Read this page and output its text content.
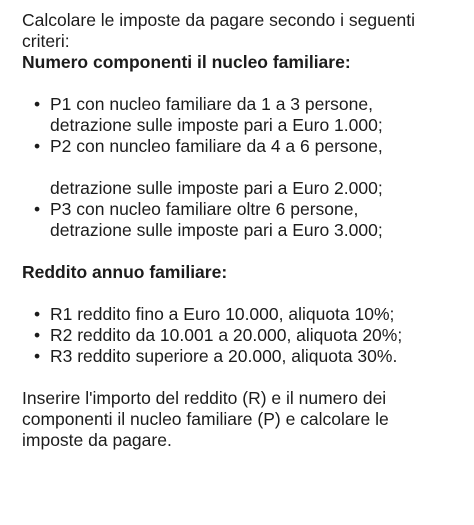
Calcolare le imposte da pagare secondo i seguenti
criteri:

Numero componenti il nucleo familiare:

• P1 con nucleo familiare da 1 a 3 persone,
detrazione sulle imposte pari a Euro 1.000;
• P2 con nuncleo familiare da 4 a 6 persone,
detrazione sulle imposte pari a Euro 2.000;
• P3 con nucleo familiare oltre 6 persone,
detrazione sulle imposte pari a Euro 3.000;

Reddito annuo familiare:

• R1 reddito fino a Euro 10.000, aliquota 10%;
• R2 reddito da 10.001 a 20.000, aliquota 20%;
• R3 reddito superiore a 20.000, aliquota 30%.

Inserire l'importo del reddito (R) e il numero dei
componenti il nucleo familiare (P) e calcolare le
imposte da pagare.
